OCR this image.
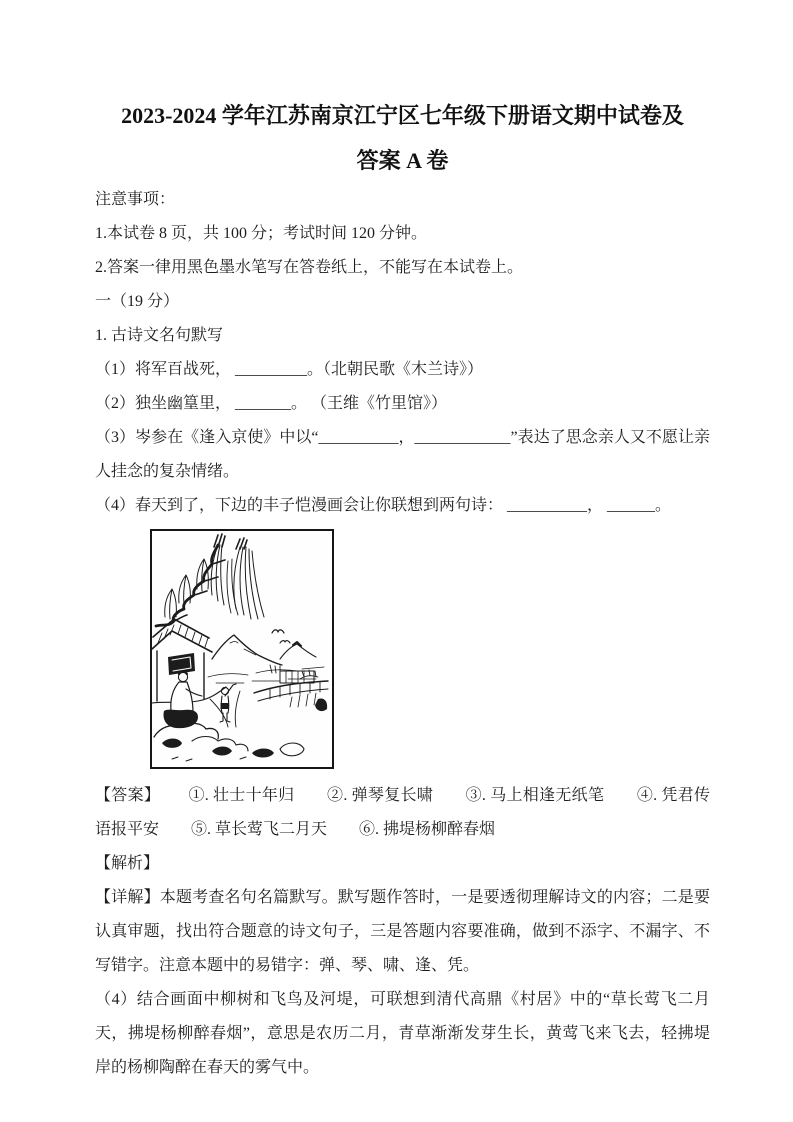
2023-2024 学年江苏南京江宁区七年级下册语文期中试卷及
答案 A 卷

注意事项：

1.本试卷 8 页，共 100 分；考试时间 120 分钟。

2.答案一律用黑色墨水笔写在答卷纸上，不能写在本试卷上。

一（19 分）

1. 古诗文名句默写

（1）将军百战死， _________。（北朝民歌《木兰诗》）

（2）独坐幽篁里， _______。 （王维《竹里馆》）

（3）岑参在《逢入京使》中以“__________，____________”表达了思念亲人又不愿让亲人挂念的复杂情绪。

（4）春天到了，下边的丰子恺漫画会让你联想到两句诗： __________， ______。

【答案】 ①. 壮士十年归　　②. 弹琴复长啸　　③. 马上相逢无纸笔　　④. 凭君传语报平安　　⑤. 草长莺飞二月天　　⑥. 拂堤杨柳醉春烟

【解析】

【详解】本题考查名句名篇默写。默写题作答时，一是要透彻理解诗文的内容；二是要认真审题，找出符合题意的诗文句子，三是答题内容要准确，做到不添字、不漏字、不写错字。注意本题中的易错字：弹、琴、啸、逢、凭。

（4）结合画面中柳树和飞鸟及河堤，可联想到清代高鼎《村居》中的“草长莺飞二月天，拂堤杨柳醉春烟”，意思是农历二月，青草渐渐发芽生长，黄莺飞来飞去，轻拂堤岸的杨柳陶醉在春天的雾气中。
